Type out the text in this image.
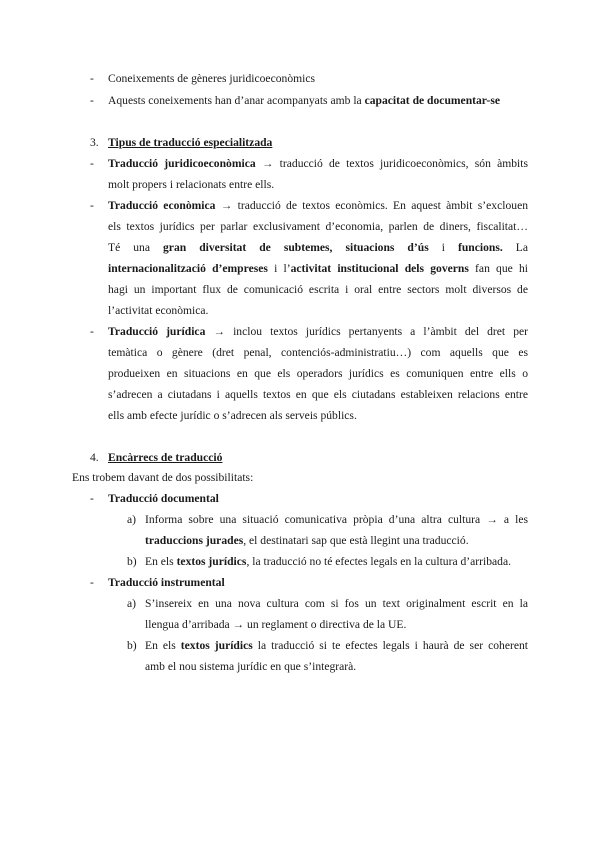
- Coneixements de gèneres juridicoeconòmics
- Aquests coneixements han d’anar acompanyats amb la capacitat de documentar-se
3. Tipus de traducció especialitzada
- Traducció juridicoeconòmica → traducció de textos juridicoeconòmics, són àmbits
molt propers i relacionats entre ells.
- Traducció econòmica → traducció de textos econòmics. En aquest àmbit s’exclouen
els textos jurídics per parlar exclusivament d’economia, parlen de diners, fiscalitat…
Té una gran diversitat de subtemes, situacions d’ús i funcions. La
internacionalització d’empreses i l’activitat institucional dels governs fan que hi
hagi un important flux de comunicació escrita i oral entre sectors molt diversos de
l’activitat econòmica.
- Traducció jurídica → inclou textos jurídics pertanyents a l’àmbit del dret per
temàtica o gènere (dret penal, contenciós-administratiu…) com aquells que es
produeixen en situacions en que els operadors jurídics es comuniquen entre ells o
s’adrecen a ciutadans i aquells textos en que els ciutadans estableixen relacions entre
ells amb efecte jurídic o s’adrecen als serveis públics.
4. Encàrrecs de traducció
Ens trobem davant de dos possibilitats:
- Traducció documental
a) Informa sobre una situació comunicativa pròpia d’una altra cultura → a les
traduccions jurades, el destinatari sap que està llegint una traducció.
b) En els textos jurídics, la traducció no té efectes legals en la cultura d’arribada.
- Traducció instrumental
a) S’insereix en una nova cultura com si fos un text originalment escrit en la
llengua d’arribada → un reglament o directiva de la UE.
b) En els textos jurídics la traducció si te efectes legals i haurà de ser coherent
amb el nou sistema jurídic en que s’integrarà.
